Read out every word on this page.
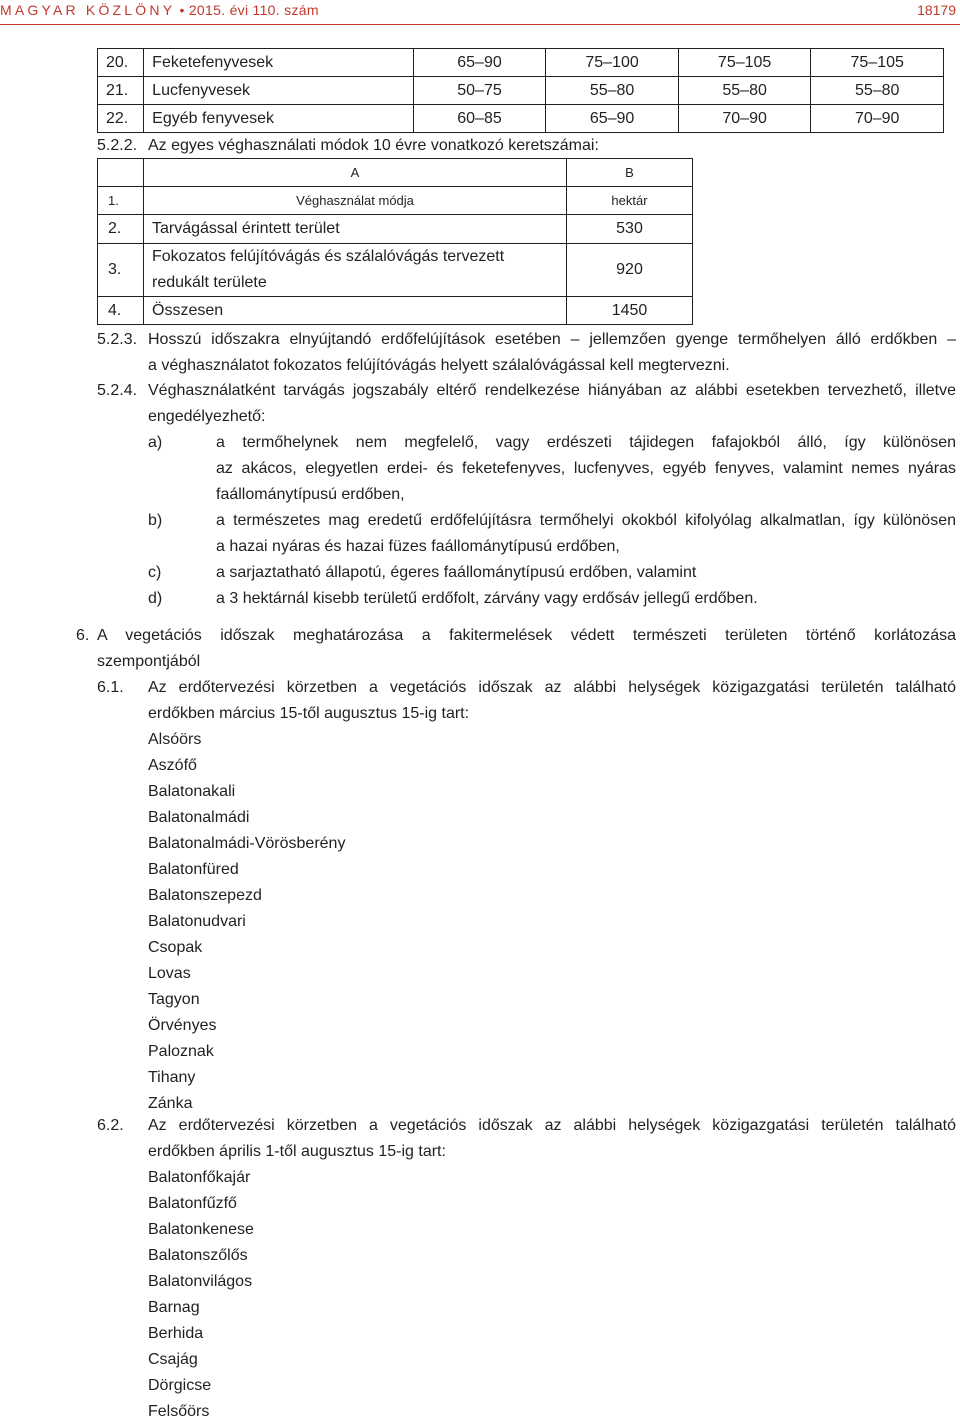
MAGYAR KÖZLÖNY • 2015. évi 110. szám	18179
20.	Feketefenyvesek	65–90	75–100	75–105	75–105
21.	Lucfenyvesek	50–75	55–80	55–80	55–80
22.	Egyéb fenyvesek	60–85	65–90	70–90	70–90
5.2.2. Az egyes véghasználati módok 10 évre vonatkozó keretszámai:
	A	B
1.	Véghasználat módja	hektár
2.	Tarvágással érintett terület	530
3.	Fokozatos felújítóvágás és szálalóvágás tervezett
redukált területe	920
4.	Összesen	1450
5.2.3. Hosszú időszakra elnyújtandó erdőfelújítások esetében – jellemzően gyenge termőhelyen álló erdőkben –
a véghasználatot fokozatos felújítóvágás helyett szálalóvágással kell megtervezni.
5.2.4. Véghasználatként tarvágás jogszabály eltérő rendelkezése hiányában az alábbi esetekben tervezhető, illetve
engedélyezhető:
a)	a termőhelynek nem megfelelő, vagy erdészeti tájidegen fafajokból álló, így különösen
az akácos, elegyetlen erdei- és feketefenyves, lucfenyves, egyéb fenyves, valamint nemes nyáras
faállománytípusú erdőben,
b)	a természetes mag eredetű erdőfelújításra termőhelyi okokból kifolyólag alkalmatlan, így különösen
a hazai nyáras és hazai füzes faállománytípusú erdőben,
c)	a sarjaztatható állapotú, égeres faállománytípusú erdőben, valamint
d)	a 3 hektárnál kisebb területű erdőfolt, zárvány vagy erdősáv jellegű erdőben.
6. A vegetációs időszak meghatározása a fakitermelések védett természeti területen történő korlátozása
szempontjából
6.1. Az erdőtervezési körzetben a vegetációs időszak az alábbi helységek közigazgatási területén található
erdőkben március 15-től augusztus 15-ig tart:
Alsóörs
Aszófő
Balatonakali
Balatonalmádi
Balatonalmádi-Vörösberény
Balatonfüred
Balatonszepezd
Balatonudvari
Csopak
Lovas
Tagyon
Örvényes
Paloznak
Tihany
Zánka
6.2. Az erdőtervezési körzetben a vegetációs időszak az alábbi helységek közigazgatási területén található
erdőkben április 1-től augusztus 15-ig tart:
Balatonfőkajár
Balatonfűzfő
Balatonkenese
Balatonszőlős
Balatonvilágos
Barnag
Berhida
Csajág
Dörgicse
Felsőörs
